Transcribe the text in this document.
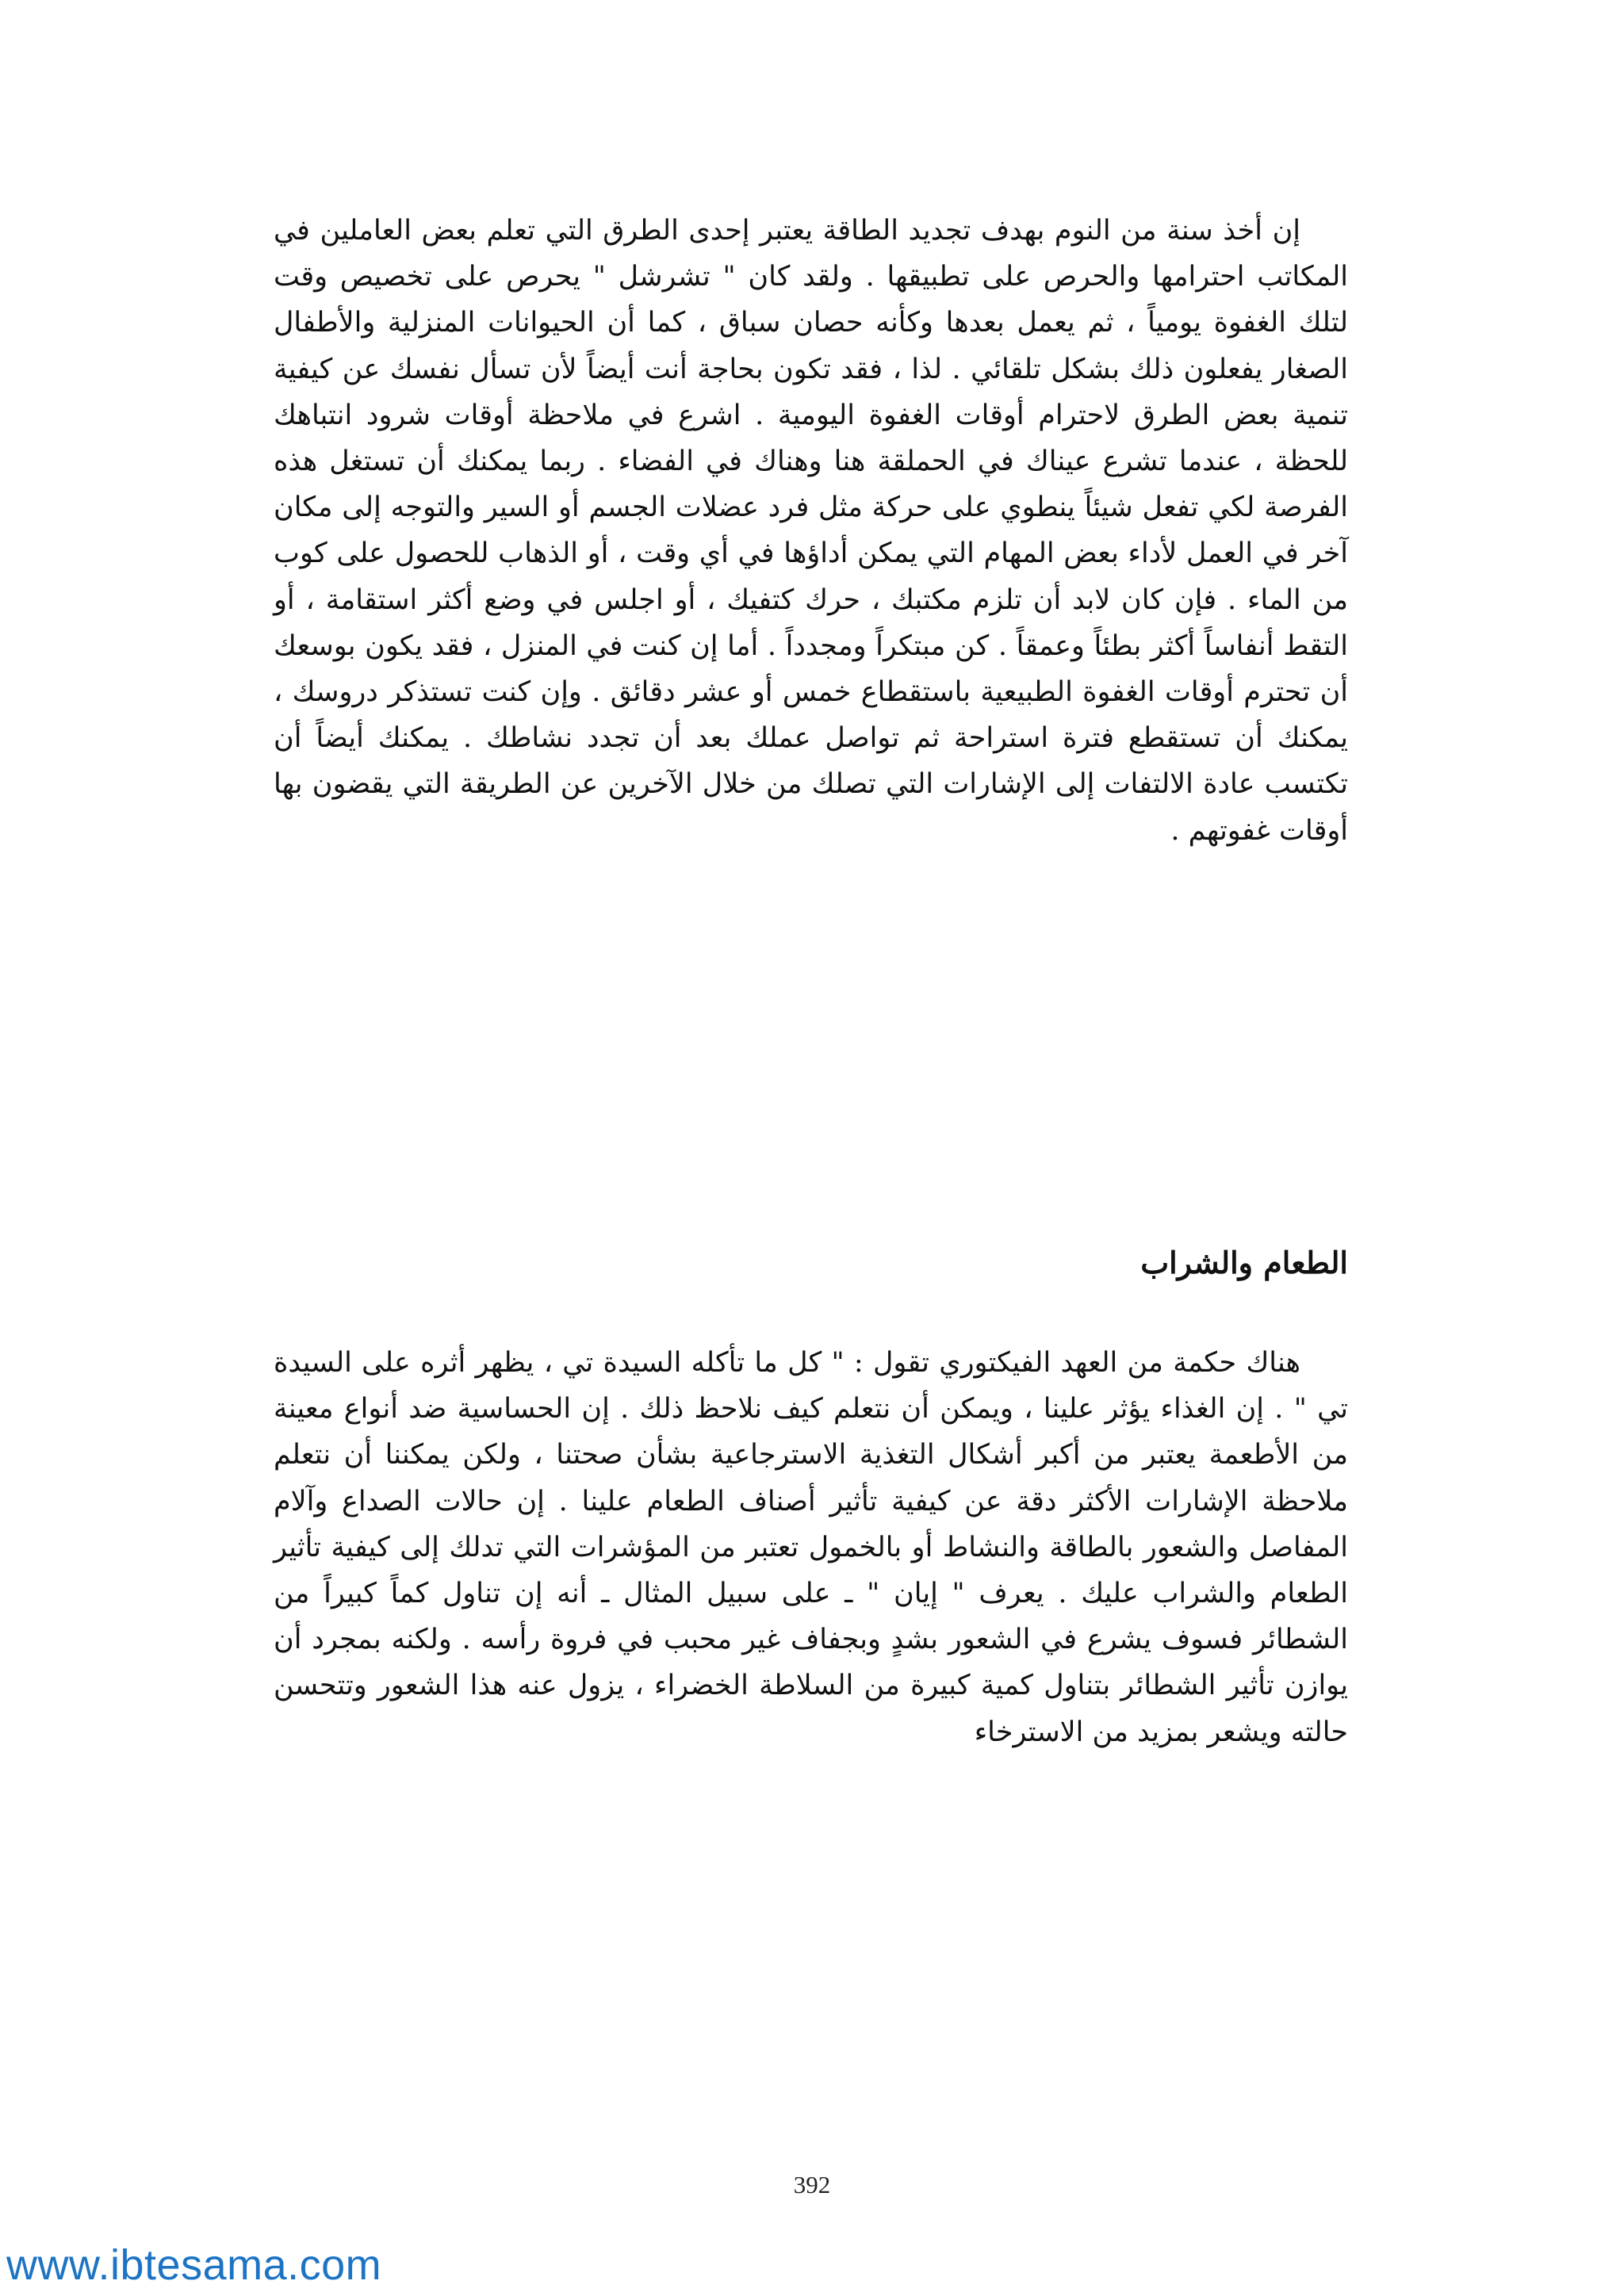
إن أخذ سنة من النوم بهدف تجديد الطاقة يعتبر إحدى الطرق التي تعلم بعض العاملين في المكاتب احترامها والحرص على تطبيقها . ولقد كان " تشرشل " يحرص على تخصيص وقت لتلك الغفوة يومياً ، ثم يعمل بعدها وكأنه حصان سباق ، كما أن الحيوانات المنزلية والأطفال الصغار يفعلون ذلك بشكل تلقائي . لذا ، فقد تكون بحاجة أنت أيضاً لأن تسأل نفسك عن كيفية تنمية بعض الطرق لاحترام أوقات الغفوة اليومية . اشرع في ملاحظة أوقات شرود انتباهك للحظة ، عندما تشرع عيناك في الحملقة هنا وهناك في الفضاء . ربما يمكنك أن تستغل هذه الفرصة لكي تفعل شيئاً ينطوي على حركة مثل فرد عضلات الجسم أو السير والتوجه إلى مكان آخر في العمل لأداء بعض المهام التي يمكن أداؤها في أي وقت ، أو الذهاب للحصول على كوب من الماء . فإن كان لابد أن تلزم مكتبك ، حرك كتفيك ، أو اجلس في وضع أكثر استقامة ، أو التقط أنفاساً أكثر بطئاً وعمقاً . كن مبتكراً ومجدداً . أما إن كنت في المنزل ، فقد يكون بوسعك أن تحترم أوقات الغفوة الطبيعية باستقطاع خمس أو عشر دقائق . وإن كنت تستذكر دروسك ، يمكنك أن تستقطع فترة استراحة ثم تواصل عملك بعد أن تجدد نشاطك . يمكنك أيضاً أن تكتسب عادة الالتفات إلى الإشارات التي تصلك من خلال الآخرين عن الطريقة التي يقضون بها أوقات غفوتهم .

الطعام والشراب

هناك حكمة من العهد الفيكتوري تقول : " كل ما تأكله السيدة تي ، يظهر أثره على السيدة تي " . إن الغذاء يؤثر علينا ، ويمكن أن نتعلم كيف نلاحظ ذلك . إن الحساسية ضد أنواع معينة من الأطعمة يعتبر من أكبر أشكال التغذية الاسترجاعية بشأن صحتنا ، ولكن يمكننا أن نتعلم ملاحظة الإشارات الأكثر دقة عن كيفية تأثير أصناف الطعام علينا . إن حالات الصداع وآلام المفاصل والشعور بالطاقة والنشاط أو بالخمول تعتبر من المؤشرات التي تدلك إلى كيفية تأثير الطعام والشراب عليك . يعرف " إيان " ـ على سبيل المثال ـ أنه إن تناول كماً كبيراً من الشطائر فسوف يشرع في الشعور بشدٍ وبجفاف غير محبب في فروة رأسه . ولكنه بمجرد أن يوازن تأثير الشطائر بتناول كمية كبيرة من السلاطة الخضراء ، يزول عنه هذا الشعور وتتحسن حالته ويشعر بمزيد من الاسترخاء

392
www.ibtesama.com
